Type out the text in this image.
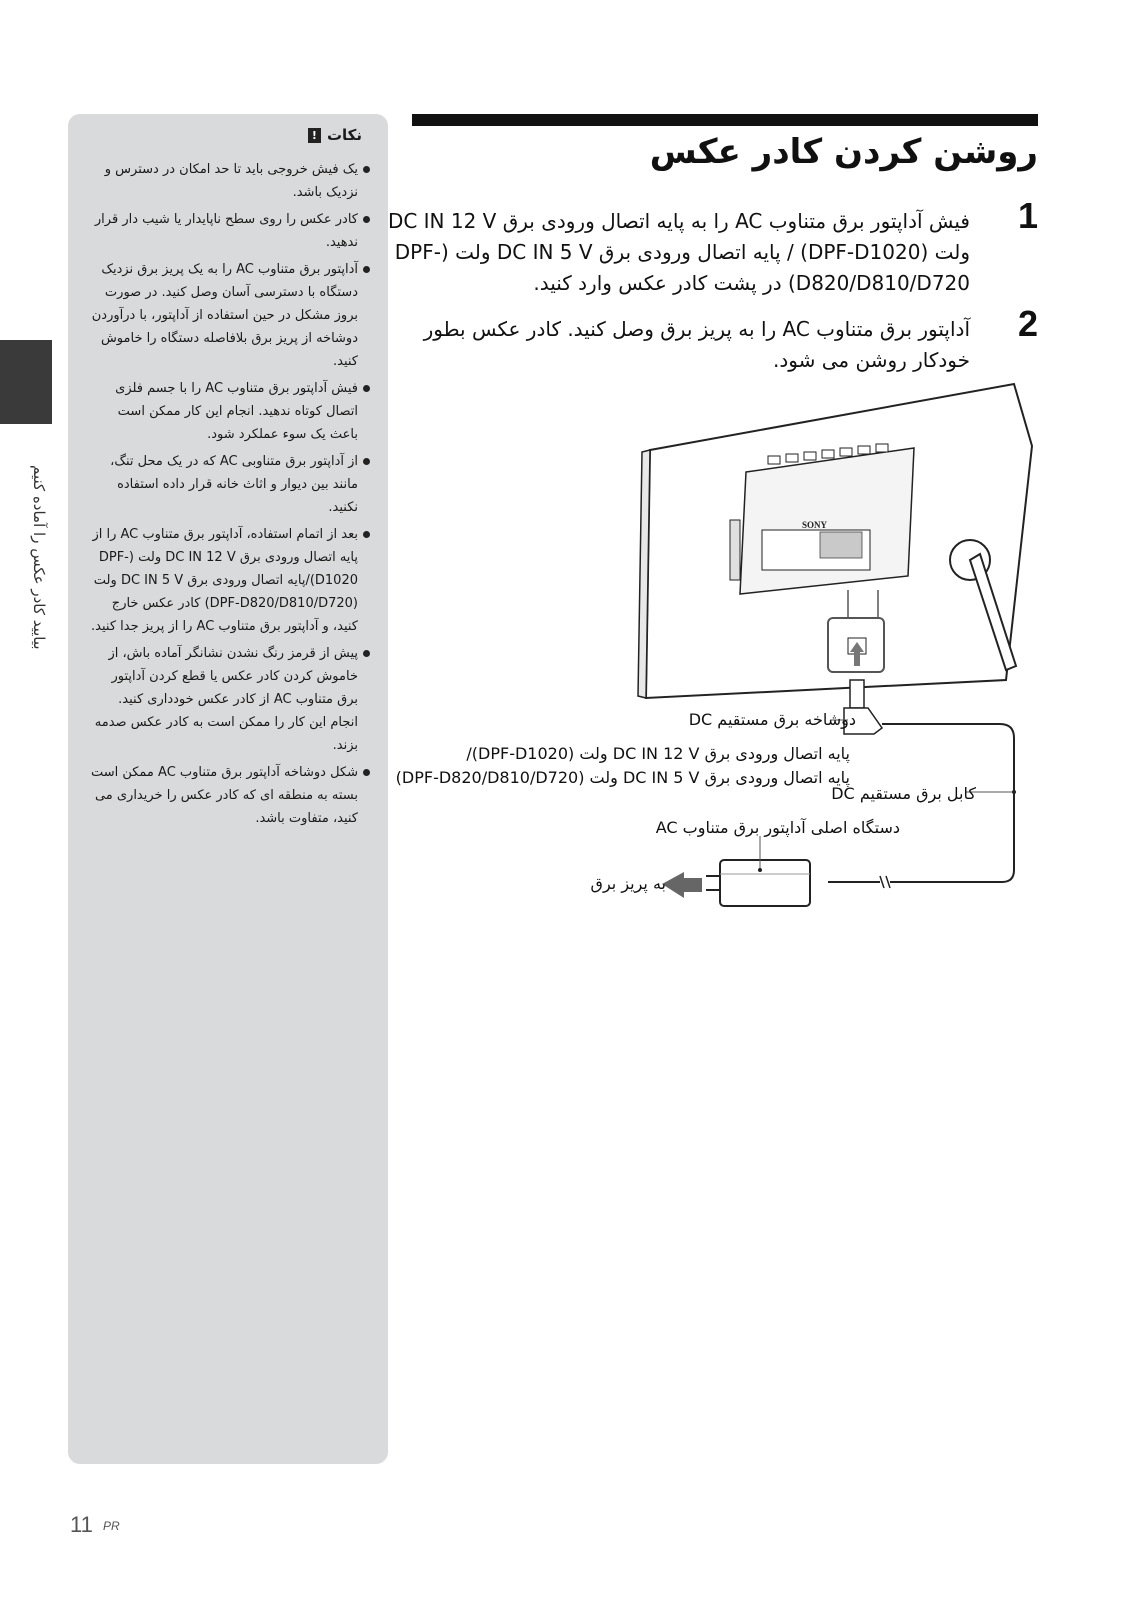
بیایید کادر عکس را آماده کنیم
نکات
!
یک فیش خروجی باید تا حد امکان در دسترس و نزدیک باشد.
کادر عکس را روی سطح ناپایدار یا شیب دار قرار ندهید.
آداپتور برق متناوب AC را به یک پریز برق نزدیک دستگاه با دسترسی آسان وصل کنید. در صورت بروز مشکل در حین استفاده از آداپتور، با درآوردن دوشاخه از پریز برق بلافاصله دستگاه را خاموش کنید.
فیش آداپتور برق متناوب AC را با جسم فلزی اتصال کوتاه ندهید. انجام این کار ممکن است باعث یک سوء عملکرد شود.
از آداپتور برق متناوبی AC که در یک محل تنگ، مانند بین دیوار و اثاث خانه قرار داده استفاده نکنید.
بعد از اتمام استفاده، آداپتور برق متناوب AC را از پایه اتصال ورودی برق DC IN 12 V ولت (DPF-D1020)/پایه اتصال ورودی برق DC IN 5 V ولت (DPF-D820/D810/D720) کادر عکس خارج کنید، و آداپتور برق متناوب AC را از پریز جدا کنید.
پیش از قرمز رنگ نشدن نشانگر آماده باش، از خاموش کردن کادر عکس یا قطع کردن آداپتور برق متناوب AC از کادر عکس خودداری کنید. انجام این کار را ممکن است به کادر عکس صدمه بزند.
شکل دوشاخه آداپتور برق متناوب AC ممکن است بسته به منطقه ای که کادر عکس را خریداری می کنید، متفاوت باشد.
روشن کردن کادر عکس
1
فیش آداپتور برق متناوب AC را به پایه اتصال ورودی برق DC IN 12 V ولت (DPF-D1020) / پایه اتصال ورودی برق DC IN 5 V ولت (DPF-D820/D810/D720) در پشت کادر عکس وارد کنید.
2
آداپتور برق متناوب AC را به پریز برق وصل کنید. کادر عکس بطور خودکار روشن می شود.
SONY
دوشاخه برق مستقیم DC
پایه اتصال ورودی برق DC IN 12 V ولت (DPF-D1020)/
پایه اتصال ورودی برق DC IN 5 V ولت (DPF-D820/D810/D720)
کابل برق مستقیم DC
دستگاه اصلی آداپتور برق متناوب AC
به پریز برق
11 PR
